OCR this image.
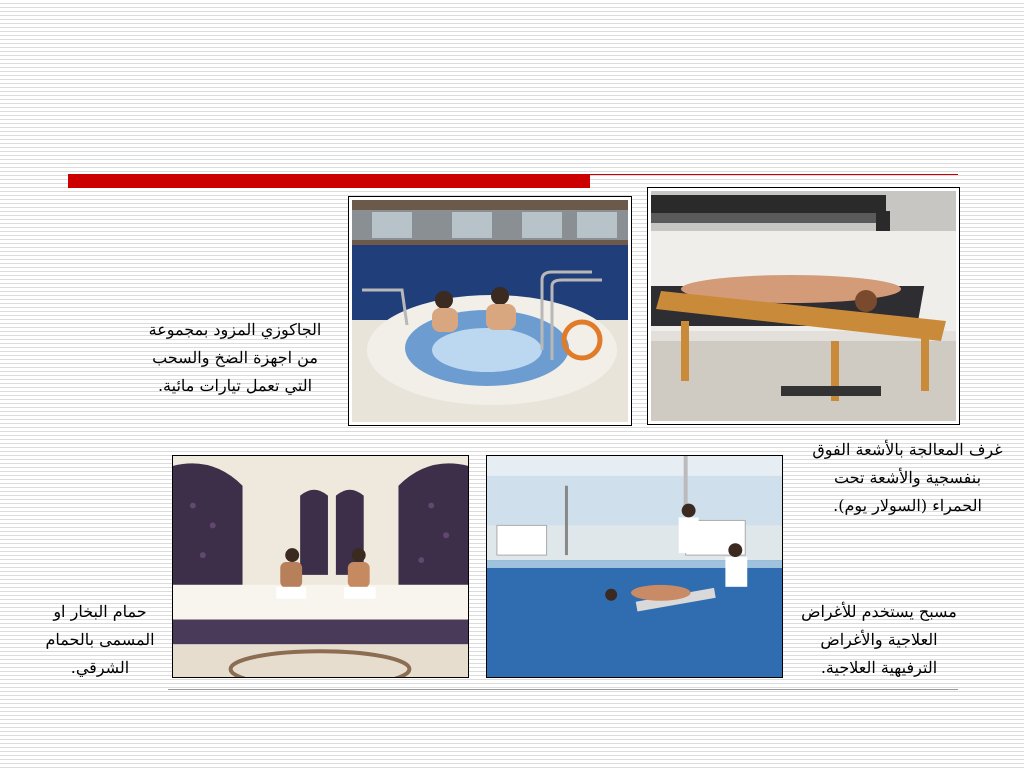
الجاكوزي المزود بمجموعة
من اجهزة الضخ والسحب
التي تعمل تيارات مائية.
غرف المعالجة بالأشعة الفوق
بنفسجية والأشعة تحت
الحمراء (السولار يوم).
حمام البخار او
المسمى بالحمام
الشرقي.
مسبح يستخدم للأغراض
العلاجية والأغراض
الترفيهية العلاجية.
